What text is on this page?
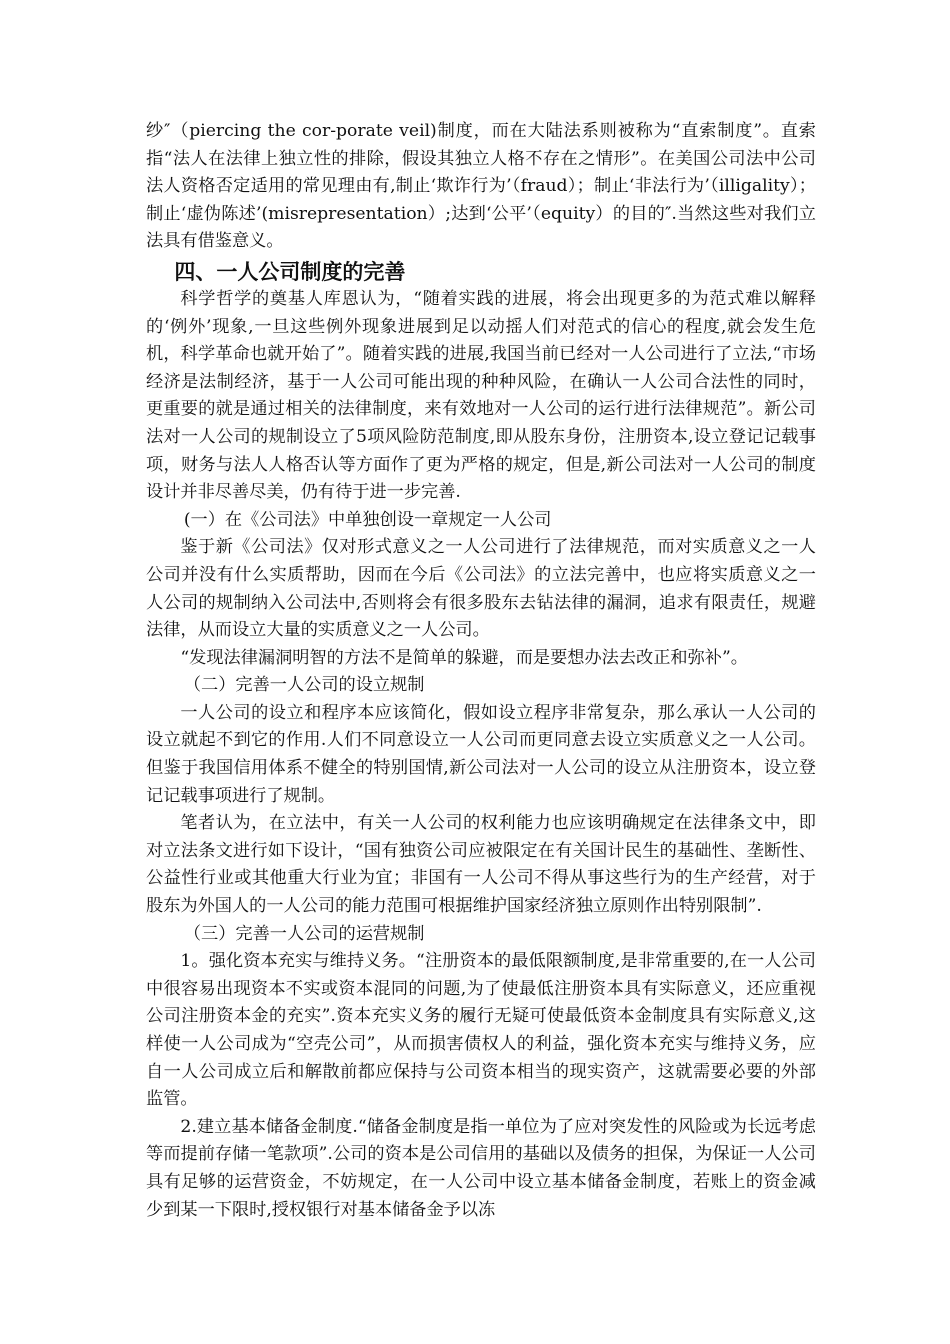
纱″（piercing the cor-porate veil)制度，而在大陆法系则被称为“直索制度”。直索指“法人在法律上独立性的排除，假设其独立人格不存在之情形”。在美国公司法中公司法人资格否定适用的常见理由有,制止‘欺诈行为’（fraud）；制止‘非法行为’（illigality）；制止‘虚伪陈述’(misrepresentation）;达到‘公平’（equity）的目的″.当然这些对我们立法具有借鉴意义。

四、一人公司制度的完善

科学哲学的奠基人库恩认为，“随着实践的进展，将会出现更多的为范式难以解释的‘例外’现象,一旦这些例外现象进展到足以动摇人们对范式的信心的程度,就会发生危机，科学革命也就开始了”。随着实践的进展,我国当前已经对一人公司进行了立法,“市场经济是法制经济，基于一人公司可能出现的种种风险，在确认一人公司合法性的同时，更重要的就是通过相关的法律制度，来有效地对一人公司的运行进行法律规范”。新公司法对一人公司的规制设立了5项风险防范制度,即从股东身份，注册资本,设立登记记载事项，财务与法人人格否认等方面作了更为严格的规定，但是,新公司法对一人公司的制度设计并非尽善尽美，仍有待于进一步完善.

(一）在《公司法》中单独创设一章规定一人公司

鉴于新《公司法》仅对形式意义之一人公司进行了法律规范，而对实质意义之一人公司并没有什么实质帮助，因而在今后《公司法》的立法完善中，也应将实质意义之一人公司的规制纳入公司法中,否则将会有很多股东去钻法律的漏洞，追求有限责任，规避法律，从而设立大量的实质意义之一人公司。

“发现法律漏洞明智的方法不是简单的躲避，而是要想办法去改正和弥补”。

（二）完善一人公司的设立规制

一人公司的设立和程序本应该简化，假如设立程序非常复杂，那么承认一人公司的设立就起不到它的作用.人们不同意设立一人公司而更同意去设立实质意义之一人公司。但鉴于我国信用体系不健全的特别国情,新公司法对一人公司的设立从注册资本，设立登记记载事项进行了规制。

笔者认为，在立法中，有关一人公司的权利能力也应该明确规定在法律条文中，即对立法条文进行如下设计，“国有独资公司应被限定在有关国计民生的基础性、垄断性、公益性行业或其他重大行业为宜；非国有一人公司不得从事这些行为的生产经营，对于股东为外国人的一人公司的能力范围可根据维护国家经济独立原则作出特别限制”.

（三）完善一人公司的运营规制

1。强化资本充实与维持义务。“注册资本的最低限额制度,是非常重要的,在一人公司中很容易出现资本不实或资本混同的问题,为了使最低注册资本具有实际意义，还应重视公司注册资本金的充实”.资本充实义务的履行无疑可使最低资本金制度具有实际意义,这样使一人公司成为“空壳公司”，从而损害债权人的利益，强化资本充实与维持义务，应自一人公司成立后和解散前都应保持与公司资本相当的现实资产，这就需要必要的外部监管。

2.建立基本储备金制度.“储备金制度是指一单位为了应对突发性的风险或为长远考虑等而提前存储一笔款项”.公司的资本是公司信用的基础以及债务的担保，为保证一人公司具有足够的运营资金，不妨规定，在一人公司中设立基本储备金制度，若账上的资金减少到某一下限时,授权银行对基本储备金予以冻
